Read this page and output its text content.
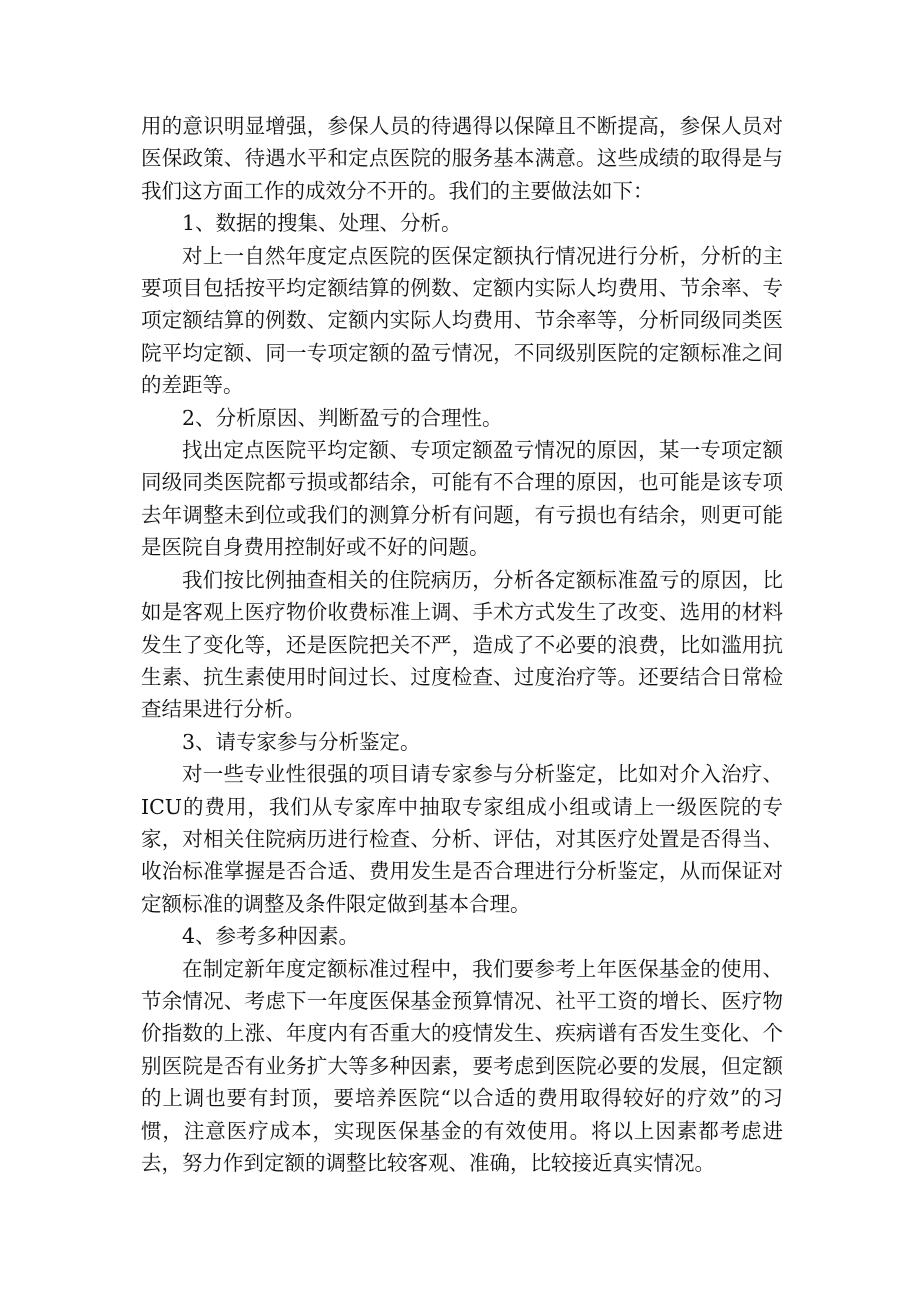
用的意识明显增强，参保人员的待遇得以保障且不断提高，参保人员对医保政策、待遇水平和定点医院的服务基本满意。这些成绩的取得是与我们这方面工作的成效分不开的。我们的主要做法如下：

1、数据的搜集、处理、分析。

对上一自然年度定点医院的医保定额执行情况进行分析，分析的主要项目包括按平均定额结算的例数、定额内实际人均费用、节余率、专项定额结算的例数、定额内实际人均费用、节余率等，分析同级同类医院平均定额、同一专项定额的盈亏情况，不同级别医院的定额标准之间的差距等。

2、分析原因、判断盈亏的合理性。

找出定点医院平均定额、专项定额盈亏情况的原因，某一专项定额同级同类医院都亏损或都结余，可能有不合理的原因，也可能是该专项去年调整未到位或我们的测算分析有问题，有亏损也有结余，则更可能是医院自身费用控制好或不好的问题。

我们按比例抽查相关的住院病历，分析各定额标准盈亏的原因，比如是客观上医疗物价收费标准上调、手术方式发生了改变、选用的材料发生了变化等，还是医院把关不严，造成了不必要的浪费，比如滥用抗生素、抗生素使用时间过长、过度检查、过度治疗等。还要结合日常检查结果进行分析。

3、请专家参与分析鉴定。

对一些专业性很强的项目请专家参与分析鉴定，比如对介入治疗、ICU的费用，我们从专家库中抽取专家组成小组或请上一级医院的专家，对相关住院病历进行检查、分析、评估，对其医疗处置是否得当、收治标准掌握是否合适、费用发生是否合理进行分析鉴定，从而保证对定额标准的调整及条件限定做到基本合理。

4、参考多种因素。

在制定新年度定额标准过程中，我们要参考上年医保基金的使用、节余情况、考虑下一年度医保基金预算情况、社平工资的增长、医疗物价指数的上涨、年度内有否重大的疫情发生、疾病谱有否发生变化、个别医院是否有业务扩大等多种因素，要考虑到医院必要的发展，但定额的上调也要有封顶，要培养医院“以合适的费用取得较好的疗效”的习惯，注意医疗成本，实现医保基金的有效使用。将以上因素都考虑进去，努力作到定额的调整比较客观、准确，比较接近真实情况。
